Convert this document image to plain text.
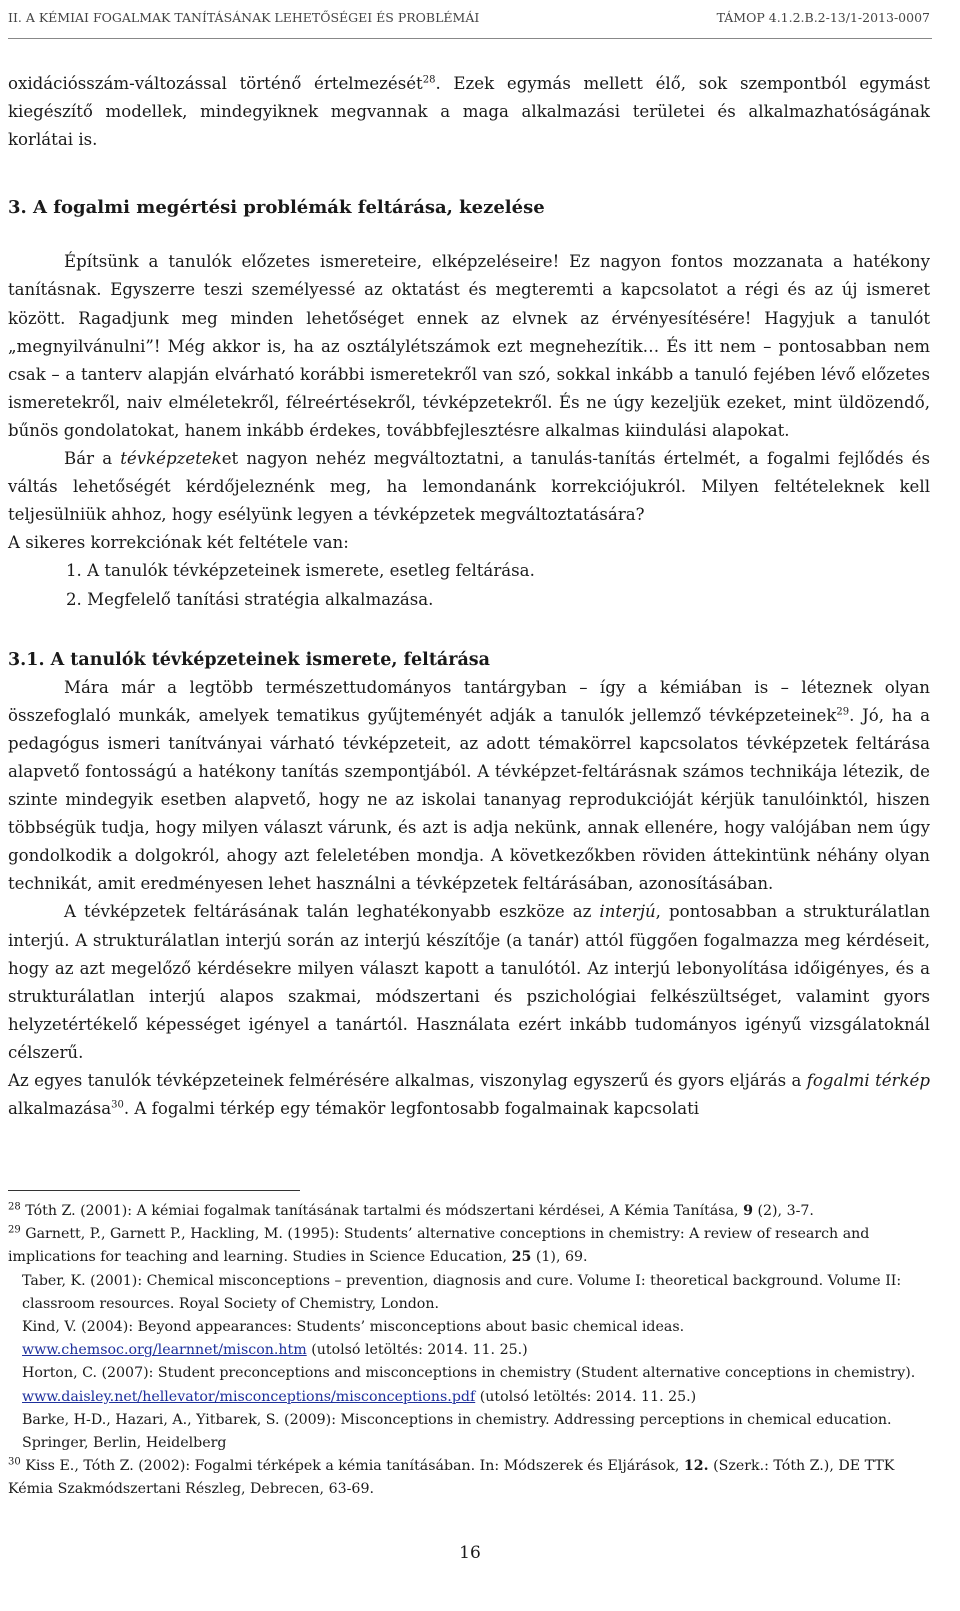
II. A KÉMIAI FOGALMAK TANÍTÁSÁNAK LEHETŐSÉGEI ÉS PROBLÉMÁI	TÁMOP 4.1.2.B.2-13/1-2013-0007

oxidációsszám-változással történő értelmezését$^{28}$. Ezek egymás mellett élő, sok szempontból egymást kiegészítő modellek, mindegyiknek megvannak a maga alkalmazási területei és alkalmazhatóságának korlátai is.

3. A fogalmi megértési problémák feltárása, kezelése

Építsünk a tanulók előzetes ismereteire, elképzeléseire! Ez nagyon fontos mozzanata a hatékony tanításnak. Egyszerre teszi személyessé az oktatást és megteremti a kapcsolatot a régi és az új ismeret között. Ragadjunk meg minden lehetőséget ennek az elvnek az érvényesítésére! Hagyjuk a tanulót „megnyilvánulni”! Még akkor is, ha az osztálylétszámok ezt megnehezítik… És itt nem – pontosabban nem csak – a tanterv alapján elvárható korábbi ismeretekről van szó, sokkal inkább a tanuló fejében lévő előzetes ismeretekről, naiv elméletekről, félreértésekről, tévképzetekről. És ne úgy kezeljük ezeket, mint üldözendő, bűnös gondolatokat, hanem inkább érdekes, továbbfejlesztésre alkalmas kiindulási alapokat.

Bár a tévképzeteket nagyon nehéz megváltoztatni, a tanulás-tanítás értelmét, a fogalmi fejlődés és váltás lehetőségét kérdőjeleznénk meg, ha lemondanánk korrekciójukról. Milyen feltételeknek kell teljesülniük ahhoz, hogy esélyünk legyen a tévképzetek megváltoztatására?

A sikeres korrekciónak két feltétele van:

1. A tanulók tévképzeteinek ismerete, esetleg feltárása.

2. Megfelelő tanítási stratégia alkalmazása.

3.1. A tanulók tévképzeteinek ismerete, feltárása

Mára már a legtöbb természettudományos tantárgyban – így a kémiában is – léteznek olyan összefoglaló munkák, amelyek tematikus gyűjteményét adják a tanulók jellemző tévképzeteinek$^{29}$. Jó, ha a pedagógus ismeri tanítványai várható tévképzeteit, az adott témakörrel kapcsolatos tévképzetek feltárása alapvető fontosságú a hatékony tanítás szempontjából. A tévképzet-feltárásnak számos technikája létezik, de szinte mindegyik esetben alapvető, hogy ne az iskolai tananyag reprodukcióját kérjük tanulóinktól, hiszen többségük tudja, hogy milyen választ várunk, és azt is adja nekünk, annak ellenére, hogy valójában nem úgy gondolkodik a dolgokról, ahogy azt feleletében mondja. A következőkben röviden áttekintünk néhány olyan technikát, amit eredményesen lehet használni a tévképzetek feltárásában, azonosításában.

A tévképzetek feltárásának talán leghatékonyabb eszköze az interjú, pontosabban a strukturálatlan interjú. A strukturálatlan interjú során az interjú készítője (a tanár) attól függően fogalmazza meg kérdéseit, hogy az azt megelőző kérdésekre milyen választ kapott a tanulótól. Az interjú lebonyolítása időigényes, és a strukturálatlan interjú alapos szakmai, módszertani és pszichológiai felkészültséget, valamint gyors helyzetértékelő képességet igényel a tanártól. Használata ezért inkább tudományos igényű vizsgálatoknál célszerű.

Az egyes tanulók tévképzeteinek felmérésére alkalmas, viszonylag egyszerű és gyors eljárás a fogalmi térkép alkalmazása$^{30}$. A fogalmi térkép egy témakör legfontosabb fogalmainak kapcsolati

$^{28}$ Tóth Z. (2001): A kémiai fogalmak tanításának tartalmi és módszertani kérdései, A Kémia Tanítása, 9 (2), 3-7.

$^{29}$ Garnett, P., Garnett P., Hackling, M. (1995): Students’ alternative conceptions in chemistry: A review of research and implications for teaching and learning. Studies in Science Education, 25 (1), 69.

Taber, K. (2001): Chemical misconceptions – prevention, diagnosis and cure. Volume I: theoretical background. Volume II: classroom resources. Royal Society of Chemistry, London.

Kind, V. (2004): Beyond appearances: Students’ misconceptions about basic chemical ideas.
www.chemsoc.org/learnnet/miscon.htm (utolsó letöltés: 2014. 11. 25.)

Horton, C. (2007): Student preconceptions and misconceptions in chemistry (Student alternative conceptions in chemistry). www.daisley.net/hellevator/misconceptions/misconceptions.pdf (utolsó letöltés: 2014. 11. 25.)

Barke, H-D., Hazari, A., Yitbarek, S. (2009): Misconceptions in chemistry. Addressing perceptions in chemical education. Springer, Berlin, Heidelberg

$^{30}$ Kiss E., Tóth Z. (2002): Fogalmi térképek a kémia tanításában. In: Módszerek és Eljárások, 12. (Szerk.: Tóth Z.), DE TTK Kémia Szakmódszertani Részleg, Debrecen, 63-69.

16
